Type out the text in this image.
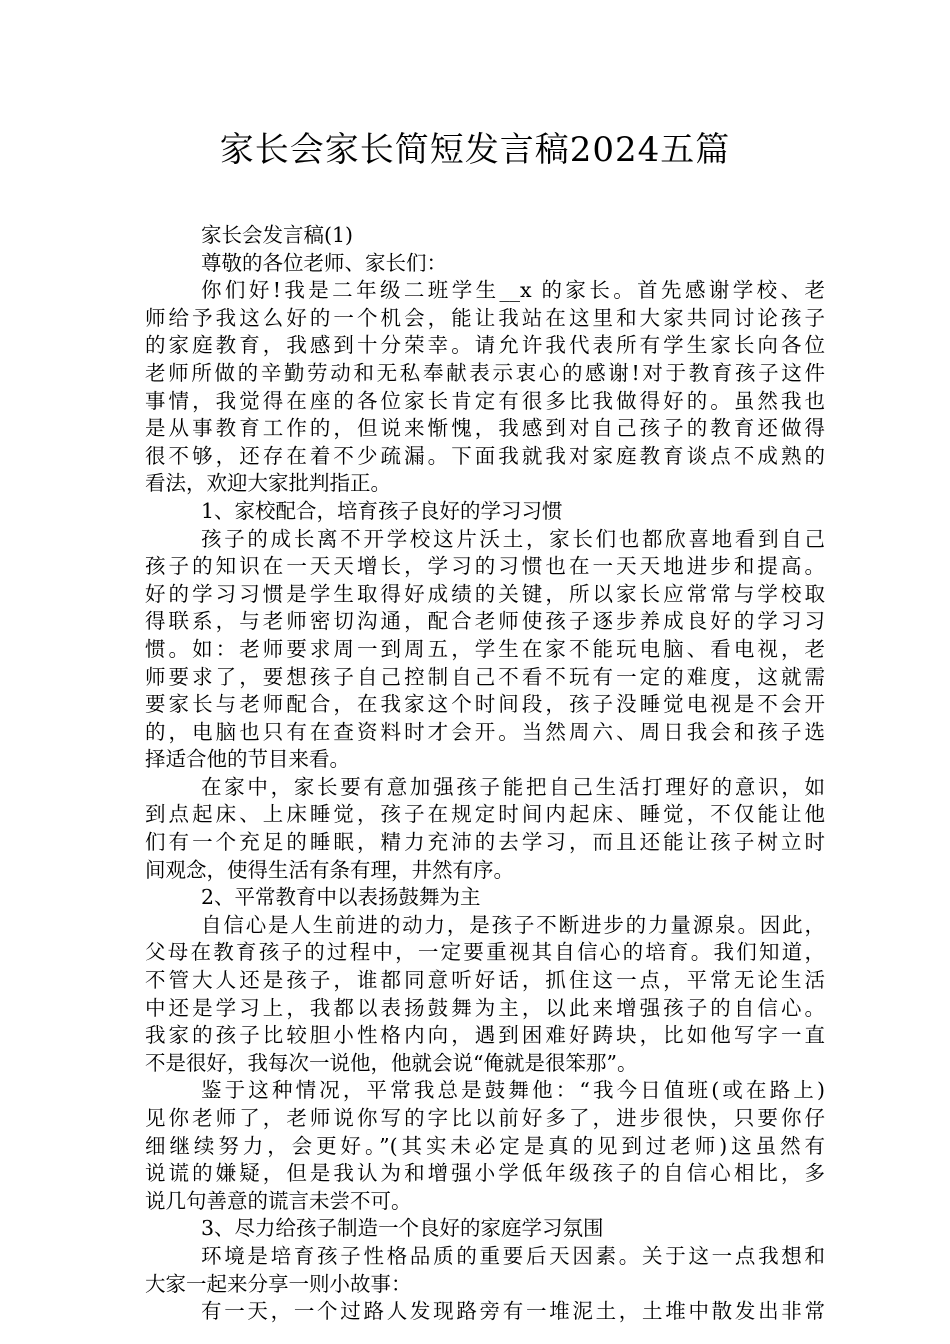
家长会家长简短发言稿2024五篇
家长会发言稿(1)
尊敬的各位老师、家长们：
你们好!我是二年级二班学生__x 的家长。首先感谢学校、老
师给予我这么好的一个机会，能让我站在这里和大家共同讨论孩子
的家庭教育，我感到十分荣幸。请允许我代表所有学生家长向各位
老师所做的辛勤劳动和无私奉献表示衷心的感谢!对于教育孩子这件
事情，我觉得在座的各位家长肯定有很多比我做得好的。虽然我也
是从事教育工作的，但说来惭愧，我感到对自己孩子的教育还做得
很不够，还存在着不少疏漏。下面我就我对家庭教育谈点不成熟的
看法，欢迎大家批判指正。
1、家校配合，培育孩子良好的学习习惯
孩子的成长离不开学校这片沃土，家长们也都欣喜地看到自己
孩子的知识在一天天增长，学习的习惯也在一天天地进步和提高。
好的学习习惯是学生取得好成绩的关键，所以家长应常常与学校取
得联系，与老师密切沟通，配合老师使孩子逐步养成良好的学习习
惯。如：老师要求周一到周五，学生在家不能玩电脑、看电视，老
师要求了，要想孩子自己控制自己不看不玩有一定的难度，这就需
要家长与老师配合，在我家这个时间段，孩子没睡觉电视是不会开
的，电脑也只有在查资料时才会开。当然周六、周日我会和孩子选
择适合他的节目来看。
在家中，家长要有意加强孩子能把自己生活打理好的意识，如
到点起床、上床睡觉，孩子在规定时间内起床、睡觉，不仅能让他
们有一个充足的睡眠，精力充沛的去学习，而且还能让孩子树立时
间观念，使得生活有条有理，井然有序。
2、平常教育中以表扬鼓舞为主
自信心是人生前进的动力，是孩子不断进步的力量源泉。因此，
父母在教育孩子的过程中，一定要重视其自信心的培育。我们知道，
不管大人还是孩子，谁都同意听好话，抓住这一点，平常无论生活
中还是学习上，我都以表扬鼓舞为主，以此来增强孩子的自信心。
我家的孩子比较胆小性格内向，遇到困难好踌块，比如他写字一直
不是很好，我每次一说他，他就会说“俺就是很笨那”。
鉴于这种情况，平常我总是鼓舞他：“我今日值班(或在路上)
见你老师了，老师说你写的字比以前好多了，进步很快，只要你仔
细继续努力，会更好。”(其实未必定是真的见到过老师)这虽然有
说谎的嫌疑，但是我认为和增强小学低年级孩子的自信心相比，多
说几句善意的谎言未尝不可。
3、尽力给孩子制造一个良好的家庭学习氛围
环境是培育孩子性格品质的重要后天因素。关于这一点我想和
大家一起来分享一则小故事：
有一天，一个过路人发现路旁有一堆泥土，土堆中散发出非常
